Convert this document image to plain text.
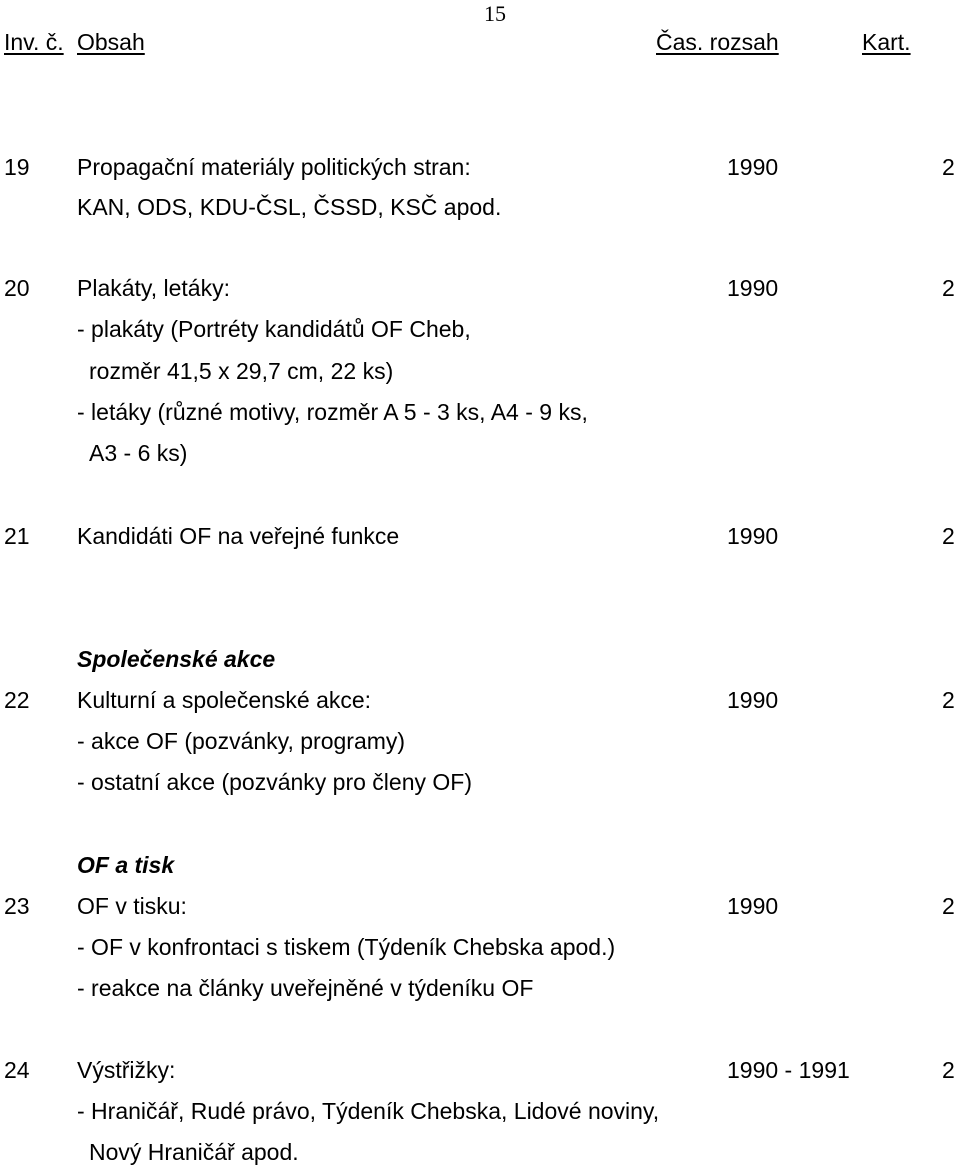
15
Inv. č. Obsah	Čas. rozsah	Kart.
19 Propagační materiály politických stran:	1990	2
KAN, ODS, KDU-ČSL, ČSSD, KSČ apod.
20 Plakáty, letáky:	1990	2
- plakáty (Portréty kandidátů OF Cheb,
rozměr 41,5 x 29,7 cm, 22 ks)
- letáky (různé motivy, rozměr A 5 - 3 ks, A4 - 9 ks,
A3 - 6 ks)
21 Kandidáti OF na veřejné funkce	1990	2
Společenské akce
22 Kulturní a společenské akce:	1990	2
- akce OF (pozvánky, programy)
- ostatní akce (pozvánky pro členy OF)
OF a tisk
23 OF v tisku:	1990	2
- OF v konfrontaci s tiskem (Týdeník Chebska apod.)
- reakce na články uveřejněné v týdeníku OF
24 Výstřižky:	1990 - 1991	2
- Hraničář, Rudé právo, Týdeník Chebska, Lidové noviny,
Nový Hraničář apod.
